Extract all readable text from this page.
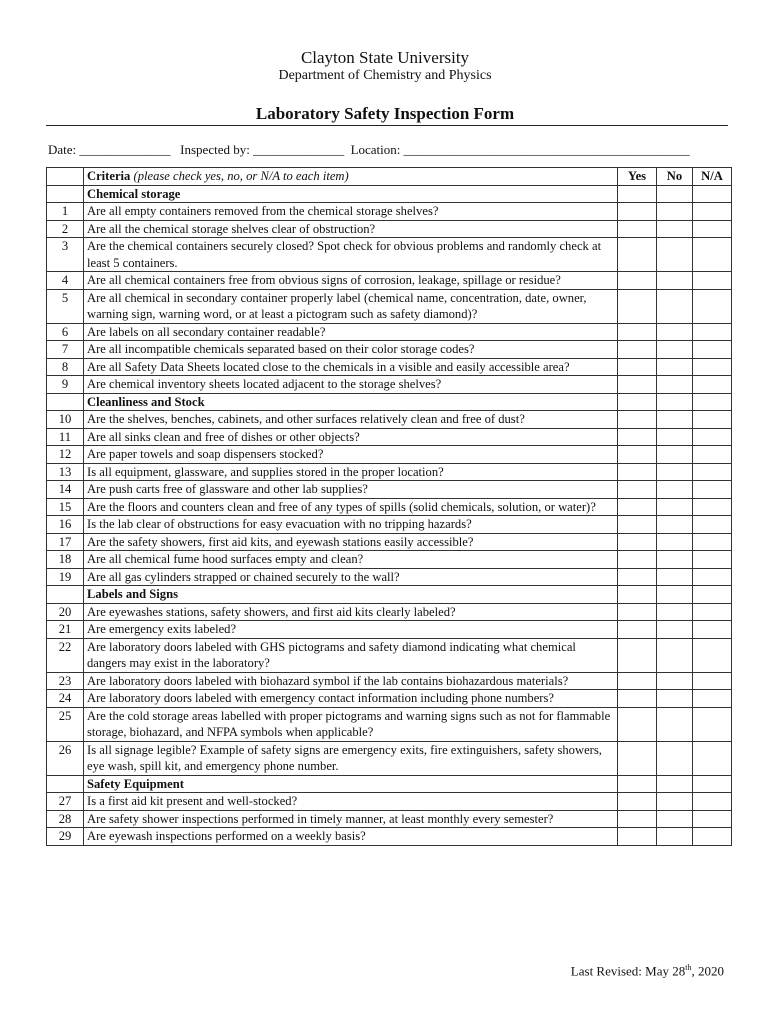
Clayton State University
Department of Chemistry and Physics
Laboratory Safety Inspection Form
Date: ______________ Inspected by: ______________ Location: ____________________________________________
	Criteria (please check yes, no, or N/A to each item)	Yes	No	N/A
	Chemical storage			
1	Are all empty containers removed from the chemical storage shelves?			
2	Are all the chemical storage shelves clear of obstruction?			
3	Are the chemical containers securely closed? Spot check for obvious problems and randomly check at least 5 containers.			
4	Are all chemical containers free from obvious signs of corrosion, leakage, spillage or residue?			
5	Are all chemical in secondary container properly label (chemical name, concentration, date, owner, warning sign, warning word, or at least a pictogram such as safety diamond)?			
6	Are labels on all secondary container readable?			
7	Are all incompatible chemicals separated based on their color storage codes?			
8	Are all Safety Data Sheets located close to the chemicals in a visible and easily accessible area?			
9	Are chemical inventory sheets located adjacent to the storage shelves?			
	Cleanliness and Stock			
10	Are the shelves, benches, cabinets, and other surfaces relatively clean and free of dust?			
11	Are all sinks clean and free of dishes or other objects?			
12	Are paper towels and soap dispensers stocked?			
13	Is all equipment, glassware, and supplies stored in the proper location?			
14	Are push carts free of glassware and other lab supplies?			
15	Are the floors and counters clean and free of any types of spills (solid chemicals, solution, or water)?			
16	Is the lab clear of obstructions for easy evacuation with no tripping hazards?			
17	Are the safety showers, first aid kits, and eyewash stations easily accessible?			
18	Are all chemical fume hood surfaces empty and clean?			
19	Are all gas cylinders strapped or chained securely to the wall?			
	Labels and Signs			
20	Are eyewashes stations, safety showers, and first aid kits clearly labeled?			
21	Are emergency exits labeled?			
22	Are laboratory doors labeled with GHS pictograms and safety diamond indicating what chemical dangers may exist in the laboratory?			
23	Are laboratory doors labeled with biohazard symbol if the lab contains biohazardous materials?			
24	Are laboratory doors labeled with emergency contact information including phone numbers?			
25	Are the cold storage areas labelled with proper pictograms and warning signs such as not for flammable storage, biohazard, and NFPA symbols when applicable?			
26	Is all signage legible? Example of safety signs are emergency exits, fire extinguishers, safety showers, eye wash, spill kit, and emergency phone number.			
	Safety Equipment			
27	Is a first aid kit present and well-stocked?			
28	Are safety shower inspections performed in timely manner, at least monthly every semester?			
29	Are eyewash inspections performed on a weekly basis?			
Last Revised: May 28th, 2020
